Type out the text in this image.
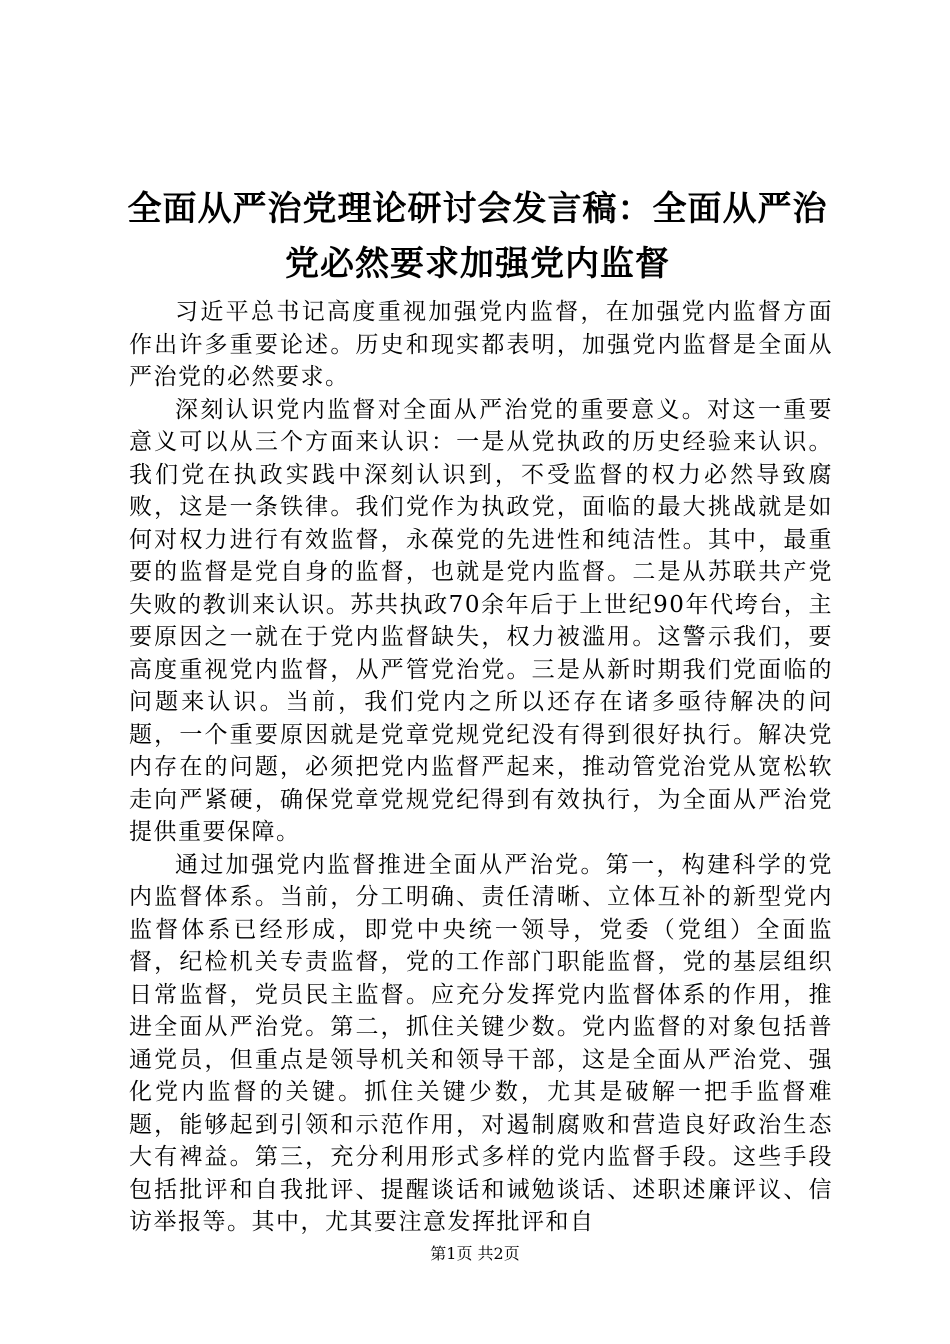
全面从严治党理论研讨会发言稿：全面从严治党必然要求加强党内监督

习近平总书记高度重视加强党内监督，在加强党内监督方面作出许多重要论述。历史和现实都表明，加强党内监督是全面从严治党的必然要求。

深刻认识党内监督对全面从严治党的重要意义。对这一重要意义可以从三个方面来认识：一是从党执政的历史经验来认识。我们党在执政实践中深刻认识到，不受监督的权力必然导致腐败，这是一条铁律。我们党作为执政党，面临的最大挑战就是如何对权力进行有效监督，永葆党的先进性和纯洁性。其中，最重要的监督是党自身的监督，也就是党内监督。二是从苏联共产党失败的教训来认识。苏共执政70余年后于上世纪90年代垮台，主要原因之一就在于党内监督缺失，权力被滥用。这警示我们，要高度重视党内监督，从严管党治党。三是从新时期我们党面临的问题来认识。当前，我们党内之所以还存在诸多亟待解决的问题，一个重要原因就是党章党规党纪没有得到很好执行。解决党内存在的问题，必须把党内监督严起来，推动管党治党从宽松软走向严紧硬，确保党章党规党纪得到有效执行，为全面从严治党提供重要保障。

通过加强党内监督推进全面从严治党。第一，构建科学的党内监督体系。当前，分工明确、责任清晰、立体互补的新型党内监督体系已经形成，即党中央统一领导，党委（党组）全面监督，纪检机关专责监督，党的工作部门职能监督，党的基层组织日常监督，党员民主监督。应充分发挥党内监督体系的作用，推进全面从严治党。第二，抓住关键少数。党内监督的对象包括普通党员，但重点是领导机关和领导干部，这是全面从严治党、强化党内监督的关键。抓住关键少数，尤其是破解一把手监督难题，能够起到引领和示范作用，对遏制腐败和营造良好政治生态大有裨益。第三，充分利用形式多样的党内监督手段。这些手段包括批评和自我批评、提醒谈话和诫勉谈话、述职述廉评议、信访举报等。其中，尤其要注意发挥批评和自

第1页 共2页
